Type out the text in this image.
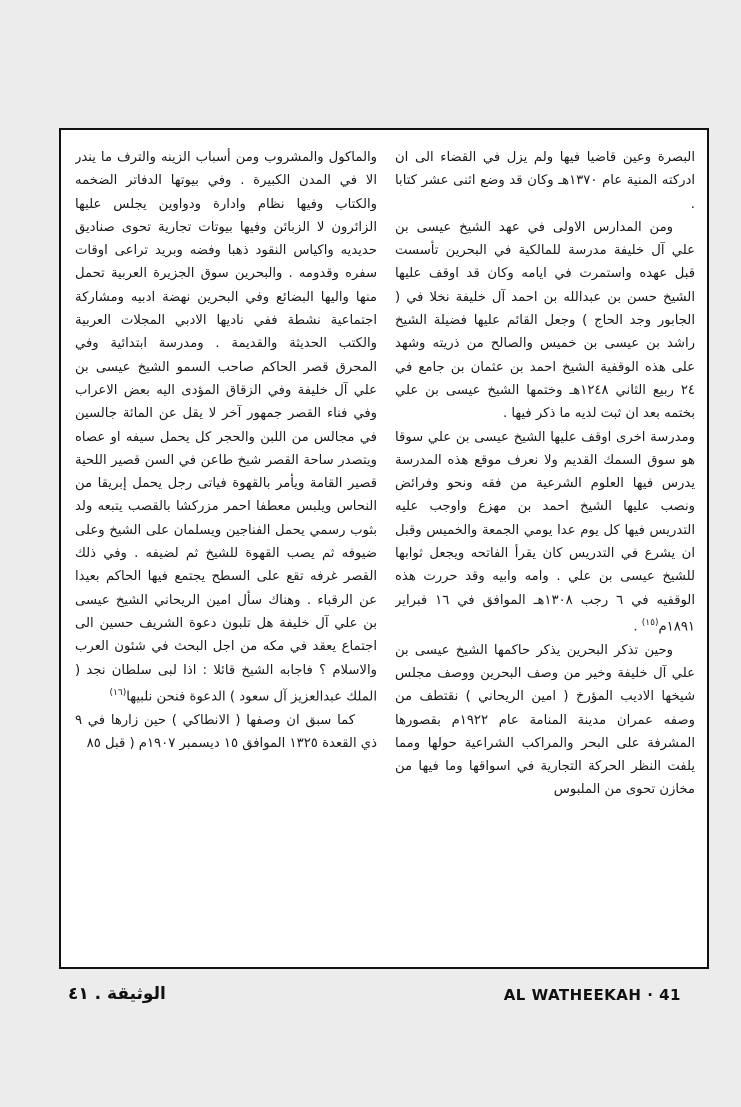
البصرة وعين قاضيا فيها ولم يزل في القضاء الى ان ادركته المنية عام ١٣٧٠هـ وكان قد وضع اثنى عشر كتابا .

ومن المدارس الاولى في عهد الشيخ عيسى بن علي آل خليفة مدرسة للمالكية في البحرين تأسست قبل عهده واستمرت في ايامه وكان قد اوقف عليها الشيخ حسن بن عبدالله بن احمد آل خليفة نخلا في ( الجابور وجد الحاج ) وجعل القائم عليها فضيلة الشيخ راشد بن عيسى بن خميس والصالح من ذريته وشهد على هذه الوقفية الشيخ احمد بن عثمان بن جامع في ٢٤ ربيع الثاني ١٢٤٨هـ وختمها الشيخ عيسى بن علي بختمه بعد ان ثبت لديه ما ذكر فيها .

ومدرسة اخرى اوقف عليها الشيخ عيسى بن علي سوقا هو سوق السمك القديم ولا نعرف موقع هذه المدرسة يدرس فيها العلوم الشرعية من فقه ونحو وفرائض ونصب عليها الشيخ احمد بن مهزع واوجب عليه التدريس فيها كل يوم عدا يومي الجمعة والخميس وقبل ان يشرع في التدريس كان يقرأ الفاتحه ويجعل ثوابها للشيخ عيسى بن علي . وامه وابيه وقد حررت هذه الوقفيه في ٦ رجب ١٣٠٨هـ الموافق في ١٦ فبراير ١٨٩١م$^{(١٥)}$ .

وحين تذكر البحرين يذكر حاكمها الشيخ عيسى بن علي آل خليفة وخير من وصف البحرين ووصف مجلس شيخها الاديب المؤرخ ( امين الريحاني ) نقتطف من وصفه عمران مدينة المنامة عام ١٩٢٢م بقصورها المشرفة على البحر والمراكب الشراعية حولها ومما يلفت النظر الحركة التجارية في اسواقها وما فيها من مخازن تحوى من الملبوس

والماكول والمشروب ومن أسباب الزينه والترف ما يندر الا في المدن الكبيرة . وفي بيوتها الدفاتر الضخمه والكتاب وفيها نظام وادارة ودواوين يجلس عليها الزائرون لا الزبائن وفيها بيوتات تجارية تحوى صناديق حديديه واكياس النقود ذهبا وفضه وبريد تراعى اوقات سفره وقدومه . والبحرين سوق الجزيرة العربية تحمل منها واليها البضائع وفي البحرين نهضة ادبيه ومشاركة اجتماعية نشطة ففي ناديها الادبي المجلات العربية والكتب الحديثة والقديمة . ومدرسة ابتدائية وفي المحرق قصر الحاكم صاحب السمو الشيخ عيسى بن علي آل خليفة وفي الزقاق المؤدى اليه بعض الاعراب وفي فناء القصر جمهور آخر لا يقل عن المائة جالسين في مجالس من اللبن والحجر كل يحمل سيفه او عصاه ويتصدر ساحة القصر شيخ طاعن في السن قصير اللحية قصير القامة ويأمر بالقهوة فياتى رجل يحمل إبريقا من النحاس ويلبس معطفا احمر مزركشا بالقصب يتبعه ولد بثوب رسمي يحمل الفناجين ويسلمان على الشيخ وعلى ضيوفه ثم يصب القهوة للشيخ ثم لضيفه . وفي ذلك القصر غرفه تقع على السطح يجتمع فيها الحاكم بعيدا عن الرقباء . وهناك سأل امين الريحاني الشيخ عيسى بن علي آل خليفة هل تلبون دعوة الشريف حسين الى اجتماع يعقد في مكه من اجل البحث في شئون العرب والاسلام ؟ فاجابه الشيخ قائلا : اذا لبى سلطان نجد ( الملك عبدالعزيز آل سعود ) الدعوة فنحن نلبيها$^{(١٦)}$

كما سبق ان وصفها ( الانطاكي ) حين زارها في ٩ ذي القعدة ١٣٢٥ الموافق ١٥ ديسمبر ١٩٠٧م ( قبل ٨٥

الوثيقة . ٤١	AL WATHEEKAH · 41
